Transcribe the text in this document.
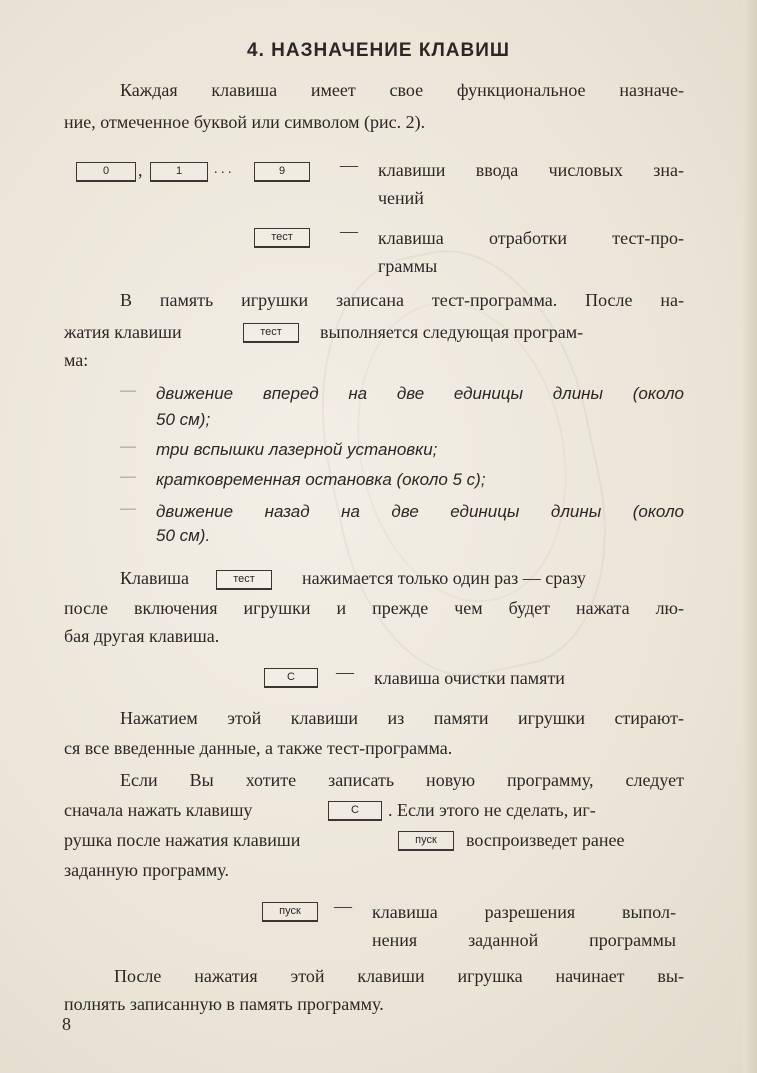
4. НАЗНАЧЕНИЕ КЛАВИШ
Каждая клавиша имеет свое функциональное назначе-
ние, отмеченное буквой или символом (рис. 2).
0	,	1	. . .	9	— клавиши ввода числовых зна-
чений
тест	— клавиша отработки тест-про-
граммы
В память игрушки записана тест-программа. После на-
жатия клавиши	тест	выполняется следующая програм-
ма:
— движение вперед на две единицы длины (около
50 см);
— три вспышки лазерной установки;
— кратковременная остановка (около 5 с);
— движение назад на две единицы длины (около
50 см).
Клавиша	тест	нажимается только один раз — сразу
после включения игрушки и прежде чем будет нажата лю-
бая другая клавиша.
С	— клавиша очистки памяти
Нажатием этой клавиши из памяти игрушки стирают-
ся все введенные данные, а также тест-программа.
Если Вы хотите записать новую программу, следует
сначала нажать клавишу	С	. Если этого не сделать, иг-
рушка после нажатия клавиши	пуск	воспроизведет ранее
заданную программу.
пуск	— клавиша разрешения выпол-
нения заданной программы
После нажатия этой клавиши игрушка начинает вы-
полнять записанную в память программу.
8
